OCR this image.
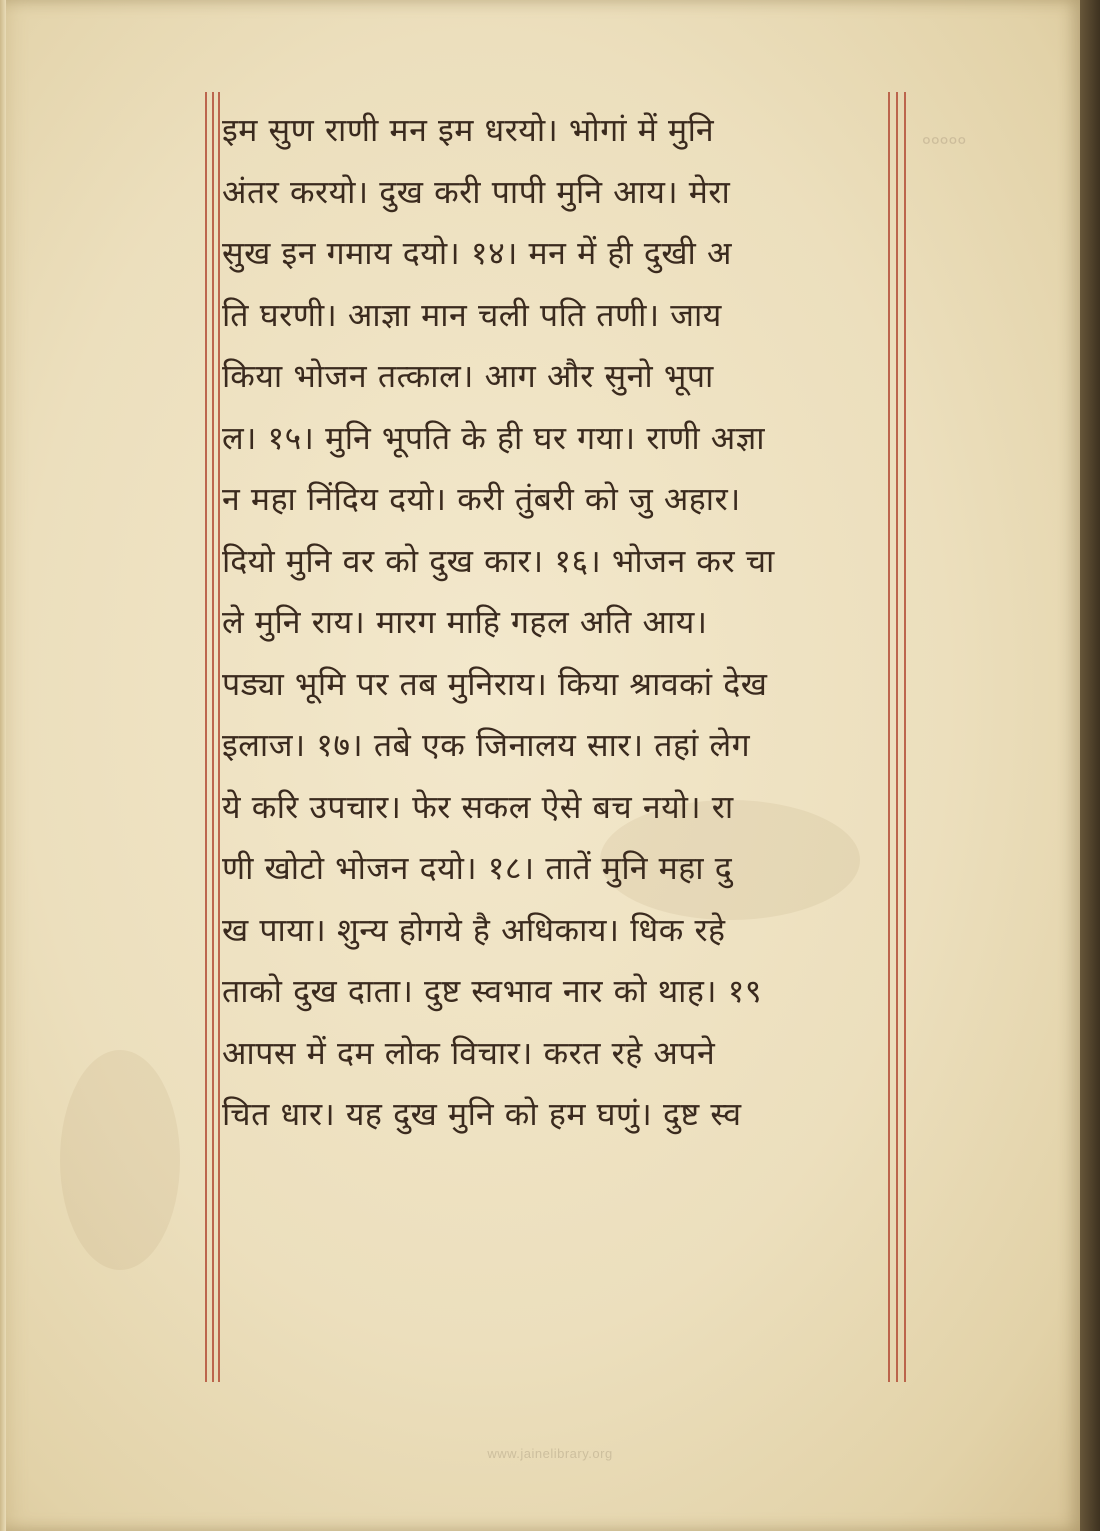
०००००
इम सुण राणी मन इम धरयो। भोगां में मुनि
अंतर करयो। दुख करी पापी मुनि आय। मेरा
सुख इन गमाय दयो। १४। मन में ही दुखी अ
ति घरणी। आज्ञा मान चली पति तणी। जाय
किया भोजन तत्काल। आग और सुनो भूपा
ल। १५। मुनि भूपति के ही घर गया। राणी अज्ञा
न महा निंदिय दयो। करी तुंबरी को जु अहार।
दियो मुनि वर को दुख कार। १६। भोजन कर चा
ले मुनि राय। मारग माहि गहल अति आय।
पड्या भूमि पर तब मुनिराय। किया श्रावकां देख
इलाज। १७। तबे एक जिनालय सार। तहां लेग
ये करि उपचार। फेर सकल ऐसे बच नयो। रा
णी खोटो भोजन दयो। १८। तातें मुनि महा दु
ख पाया। शुन्य होगये है अधिकाय। धिक रहे
ताको दुख दाता। दुष्ट स्वभाव नार को थाह। १९
आपस में दम लोक विचार। करत रहे अपने
चित धार। यह दुख मुनि को हम घणुं। दुष्ट स्व
www.jainelibrary.org
